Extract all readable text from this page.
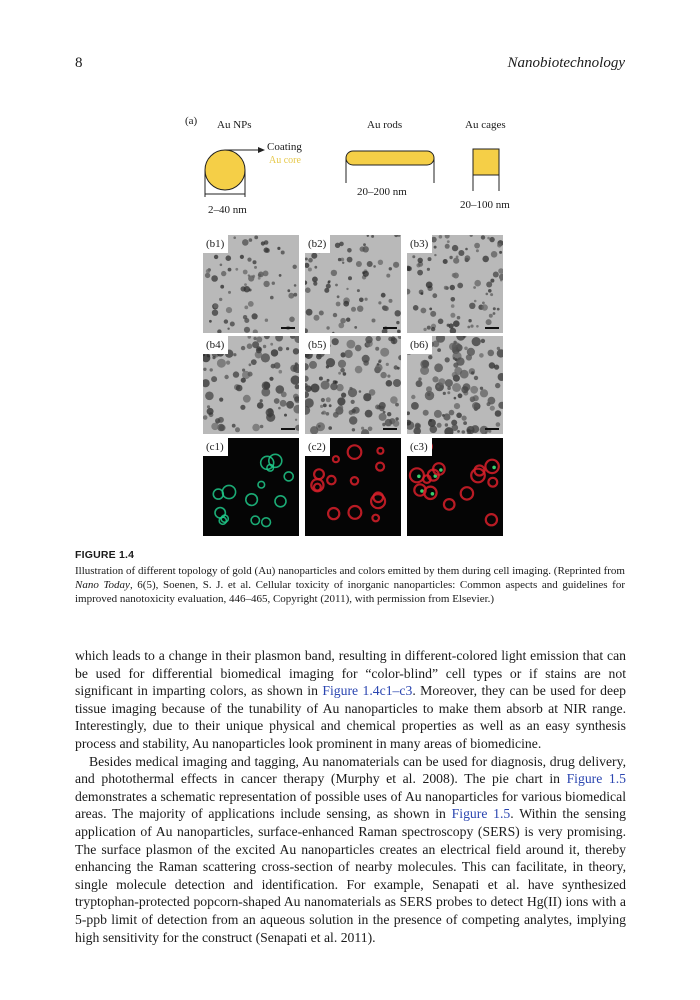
8	Nanobiotechnology
(a) Au NPs	Au rods	Au cages
Coating
Au core
2–40 nm
20–200 nm
20–100 nm
(b1)	(b2)	(b3)
(b4)	(b5)	(b6)
(c1)	(c2)	(c3)
FIGURE 1.4
Illustration of different topology of gold (Au) nanoparticles and colors emitted by them during cell imaging. (Reprinted from Nano Today, 6(5), Soenen, S. J. et al. Cellular toxicity of inorganic nanoparticles: Common aspects and guidelines for improved nanotoxicity evaluation, 446–465, Copyright (2011), with permission from Elsevier.)

which leads to a change in their plasmon band, resulting in different-colored light emission that can be used for differential biomedical imaging for “color-blind” cell types or if stains are not significant in imparting colors, as shown in Figure 1.4c1–c3. Moreover, they can be used for deep tissue imaging because of the tunability of Au nanoparticles to make them absorb at NIR range. Interestingly, due to their unique physical and chemical properties as well as an easy synthesis process and stability, Au nanoparticles look prominent in many areas of biomedicine.

Besides medical imaging and tagging, Au nanomaterials can be used for diagnosis, drug delivery, and photothermal effects in cancer therapy (Murphy et al. 2008). The pie chart in Figure 1.5 demonstrates a schematic representation of possible uses of Au nanoparticles for various biomedical areas. The majority of applications include sensing, as shown in Figure 1.5. Within the sensing application of Au nanoparticles, surface-enhanced Raman spectroscopy (SERS) is very promising. The surface plasmon of the excited Au nanoparticles creates an electrical field around it, thereby enhancing the Raman scattering cross-section of nearby molecules. This can facilitate, in theory, single molecule detection and identification. For example, Senapati et al. have synthesized tryptophan-protected popcorn-shaped Au nanomaterials as SERS probes to detect Hg(II) ions with a 5-ppb limit of detection from an aqueous solution in the presence of competing analytes, implying high sensitivity for the construct (Senapati et al. 2011).
